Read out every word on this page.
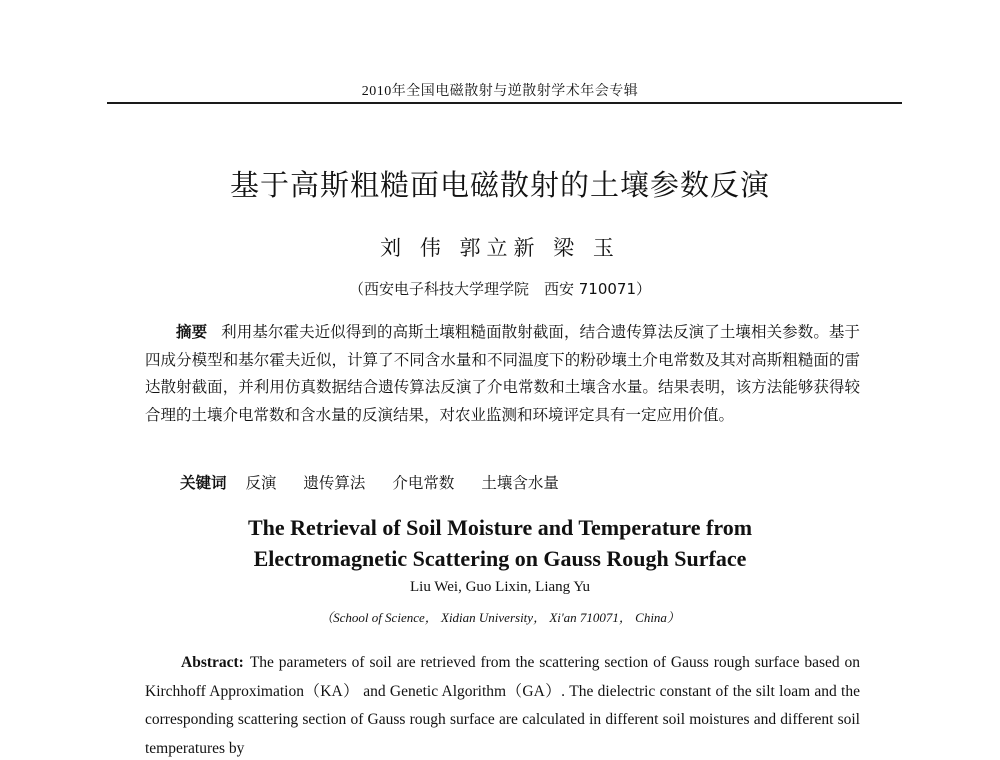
2010年全国电磁散射与逆散射学术年会专辑
基于高斯粗糙面电磁散射的土壤参数反演
刘 伟 郭立新 梁 玉
（西安电子科技大学理学院　西安 710071）
摘要 利用基尔霍夫近似得到的高斯土壤粗糙面散射截面，结合遗传算法反演了土壤相关参数。基于四成分模型和基尔霍夫近似，计算了不同含水量和不同温度下的粉砂壤土介电常数及其对高斯粗糙面的雷达散射截面，并利用仿真数据结合遗传算法反演了介电常数和土壤含水量。结果表明，该方法能够获得较合理的土壤介电常数和含水量的反演结果，对农业监测和环境评定具有一定应用价值。
关键词 反演 遗传算法 介电常数 土壤含水量
The Retrieval of Soil Moisture and Temperature from
Electromagnetic Scattering on Gauss Rough Surface
Liu Wei, Guo Lixin, Liang Yu
（School of Science， Xidian University， Xi'an 710071， China）
Abstract: The parameters of soil are retrieved from the scattering section of Gauss rough surface based on Kirchhoff Approximation（KA） and Genetic Algorithm（GA）. The dielectric constant of the silt loam and the corresponding scattering section of Gauss rough surface are calculated in different soil moistures and different soil temperatures by
